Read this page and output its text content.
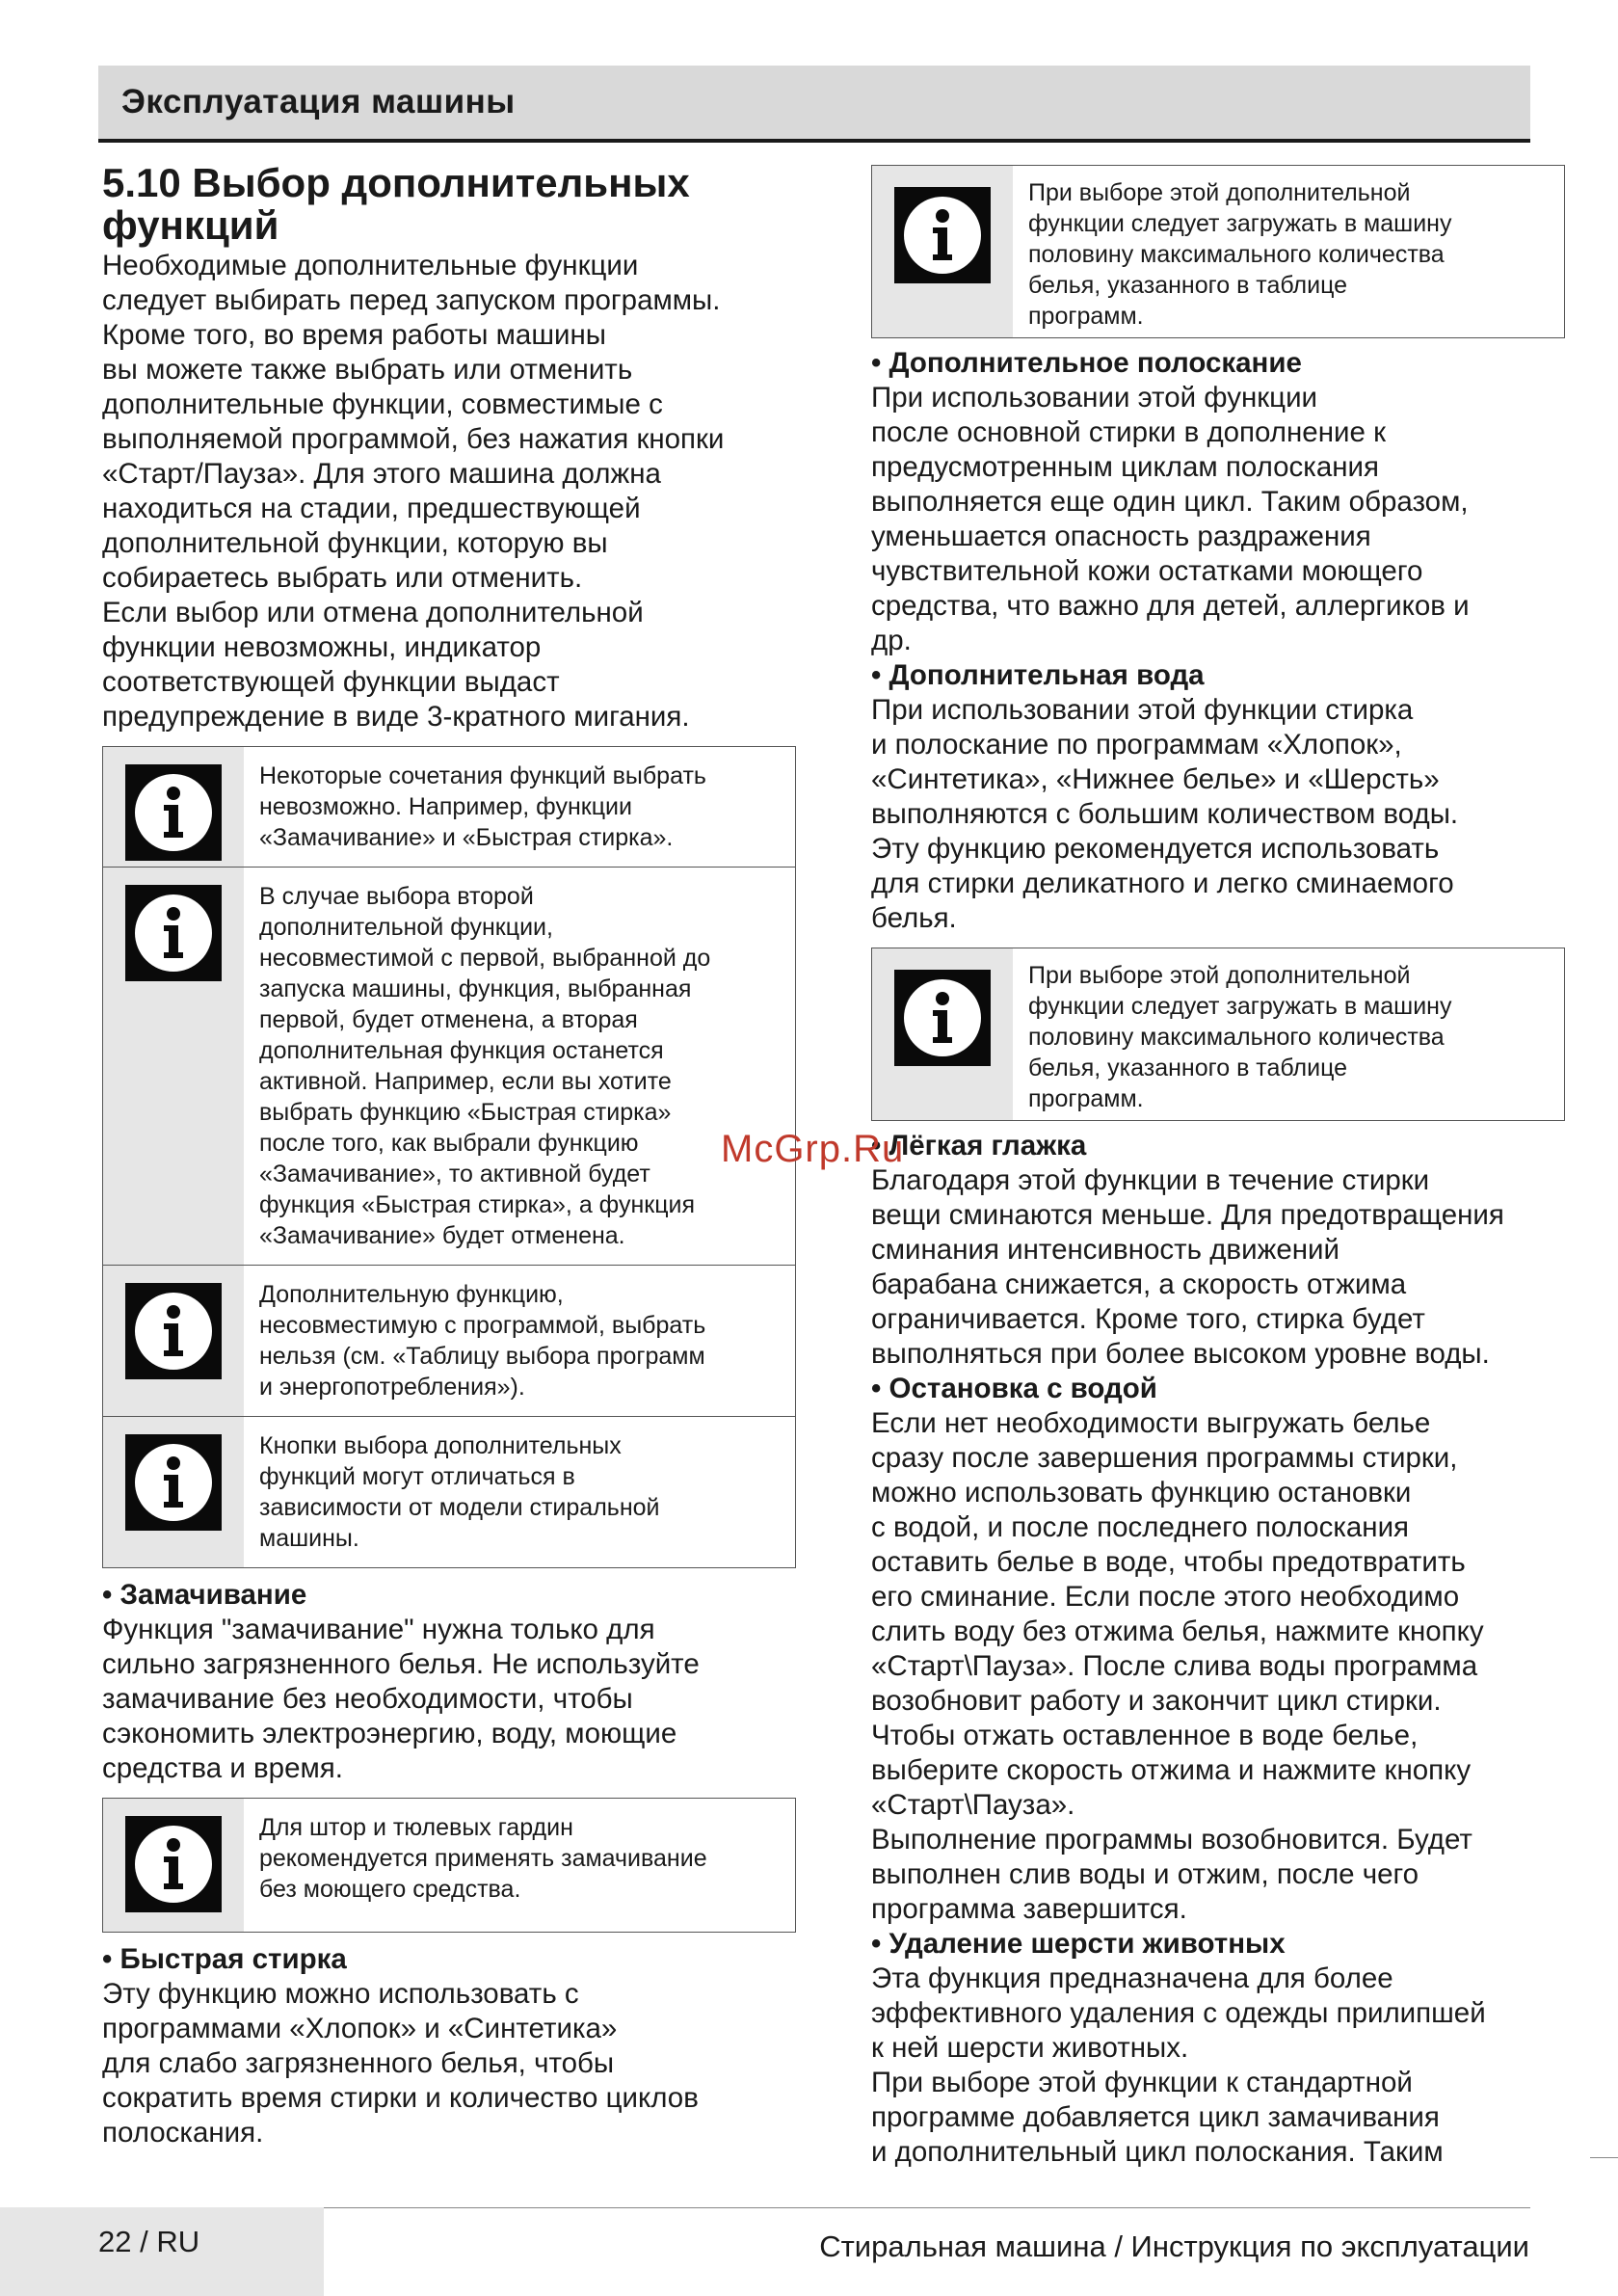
Эксплуатация машины
5.10 Выбор дополнительных
функций

Необходимые дополнительные функции
следует выбирать перед запуском программы.
Кроме того, во время работы машины
вы можете также выбрать или отменить
дополнительные функции, совместимые с
выполняемой программой, без нажатия кнопки
«Старт/Пауза». Для этого машина должна
находиться на стадии, предшествующей
дополнительной функции, которую вы
собираетесь выбрать или отменить.
Если выбор или отмена дополнительной
функции невозможны, индикатор
соответствующей функции выдаст
предупреждение в виде 3-кратного мигания.

Некоторые сочетания функций выбрать
невозможно. Например, функции
«Замачивание» и «Быстрая стирка».
В случае выбора второй
дополнительной функции,
несовместимой с первой, выбранной до
запуска машины, функция, выбранная
первой, будет отменена, а вторая
дополнительная функция останется
активной. Например, если вы хотите
выбрать функцию «Быстрая стирка»
после того, как выбрали функцию
«Замачивание», то активной будет
функция «Быстрая стирка», а функция
«Замачивание» будет отменена.
Дополнительную функцию,
несовместимую с программой, выбрать
нельзя (см. «Таблицу выбора программ
и энергопотребления»).
Кнопки выбора дополнительных
функций могут отличаться в
зависимости от модели стиральной
машины.
• Замачивание

Функция "замачивание" нужна только для
сильно загрязненного белья. Не используйте
замачивание без необходимости, чтобы
сэкономить электроэнергию, воду, моющие
средства и время.

Для штор и тюлевых гардин
рекомендуется применять замачивание
без моющего средства.
• Быстрая стирка

Эту функцию можно использовать с
программами «Хлопок» и «Синтетика»
для слабо загрязненного белья, чтобы
сократить время стирки и количество циклов
полоскания.

При выборе этой дополнительной
функции следует загружать в машину
половину максимального количества
белья, указанного в таблице
программ.
• Дополнительное полоскание

При использовании этой функции
после основной стирки в дополнение к
предусмотренным циклам полоскания
выполняется еще один цикл. Таким образом,
уменьшается опасность раздражения
чувствительной кожи остатками моющего
средства, что важно для детей, аллергиков и
др.

• Дополнительная вода

При использовании этой функции стирка
и полоскание по программам «Хлопок»,
«Синтетика», «Нижнее белье» и «Шерсть»
выполняются с большим количеством воды.
Эту функцию рекомендуется использовать
для стирки деликатного и легко сминаемого
белья.

При выборе этой дополнительной
функции следует загружать в машину
половину максимального количества
белья, указанного в таблице
программ.
• Лёгкая глажка

Благодаря этой функции в течение стирки
вещи сминаются меньше. Для предотвращения
сминания интенсивность движений
барабана снижается, а скорость отжима
ограничивается. Кроме того, стирка будет
выполняться при более высоком уровне воды.

• Остановка с водой

Если нет необходимости выгружать белье
сразу после завершения программы стирки,
можно использовать функцию остановки
с водой, и после последнего полоскания
оставить белье в воде, чтобы предотвратить
его сминание. Если после этого необходимо
слить воду без отжима белья, нажмите кнопку
«Старт\Пауза». После слива воды программа
возобновит работу и закончит цикл стирки.
Чтобы отжать оставленное в воде белье,
выберите скорость отжима и нажмите кнопку
«Старт\Пауза».
Выполнение программы возобновится. Будет
выполнен слив воды и отжим, после чего
программа завершится.

• Удаление шерсти животных

Эта функция предназначена для более
эффективного удаления с одежды прилипшей
к ней шерсти животных.
При выборе этой функции к стандартной
программе добавляется цикл замачивания
и дополнительный цикл полоскания. Таким

McGrp.Ru
22 / RU	Стиральная машина / Инструкция по эксплуатации
